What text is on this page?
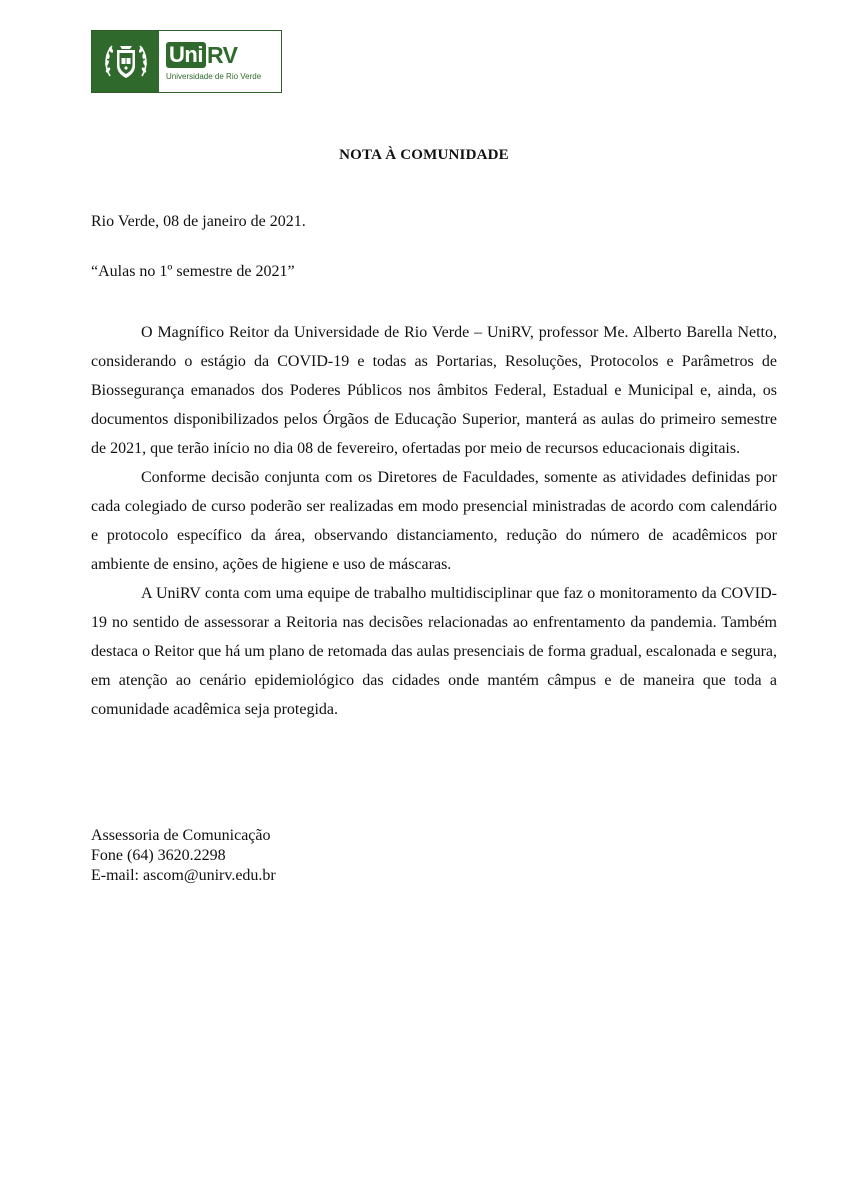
Uni RV
Universidade de Rio Verde
NOTA À COMUNIDADE

Rio Verde, 08 de janeiro de 2021.

“Aulas no 1º semestre de 2021”

O Magnífico Reitor da Universidade de Rio Verde – UniRV, professor Me. Alberto Barella Netto, considerando o estágio da COVID-19 e todas as Portarias, Resoluções, Protocolos e Parâmetros de Biossegurança emanados dos Poderes Públicos nos âmbitos Federal, Estadual e Municipal e, ainda, os documentos disponibilizados pelos Órgãos de Educação Superior, manterá as aulas do primeiro semestre de 2021, que terão início no dia 08 de fevereiro, ofertadas por meio de recursos educacionais digitais.

Conforme decisão conjunta com os Diretores de Faculdades, somente as atividades definidas por cada colegiado de curso poderão ser realizadas em modo presencial ministradas de acordo com calendário e protocolo específico da área, observando distanciamento, redução do número de acadêmicos por ambiente de ensino, ações de higiene e uso de máscaras.

A UniRV conta com uma equipe de trabalho multidisciplinar que faz o monitoramento da COVID-19 no sentido de assessorar a Reitoria nas decisões relacionadas ao enfrentamento da pandemia. Também destaca o Reitor que há um plano de retomada das aulas presenciais de forma gradual, escalonada e segura, em atenção ao cenário epidemiológico das cidades onde mantém câmpus e de maneira que toda a comunidade acadêmica seja protegida.

Assessoria de Comunicação
Fone (64) 3620.2298
E-mail: ascom@unirv.edu.br
